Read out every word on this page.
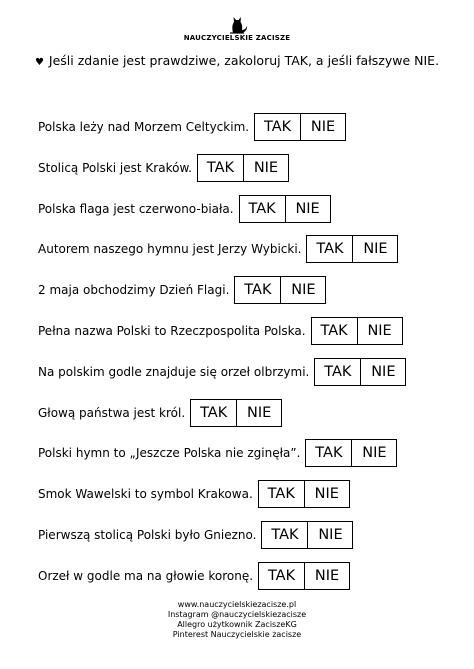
NAUCZYCIELSKIE ZACISZE
♥ Jeśli zdanie jest prawdziwe, zakoloruj TAK, a jeśli fałszywe NIE.
Polska leży nad Morzem Celtyckim.	TAK	NIE
Stolicą Polski jest Kraków.	TAK	NIE
Polska flaga jest czerwono-biała.	TAK	NIE
Autorem naszego hymnu jest Jerzy Wybicki.	TAK	NIE
2 maja obchodzimy Dzień Flagi.	TAK	NIE
Pełna nazwa Polski to Rzeczpospolita Polska.	TAK	NIE
Na polskim godle znajduje się orzeł olbrzymi.	TAK	NIE
Głową państwa jest król.	TAK	NIE
Polski hymn to „Jeszcze Polska nie zginęła”.	TAK	NIE
Smok Wawelski to symbol Krakowa.	TAK	NIE
Pierwszą stolicą Polski było Gniezno.	TAK	NIE
Orzeł w godle ma na głowie koronę.	TAK	NIE
www.nauczycielskiezacisze.pl
Instagram @nauczycielskiezacisze
Allegro użytkownik ZaciszeKG
Pinterest Nauczycielskie zacisze
